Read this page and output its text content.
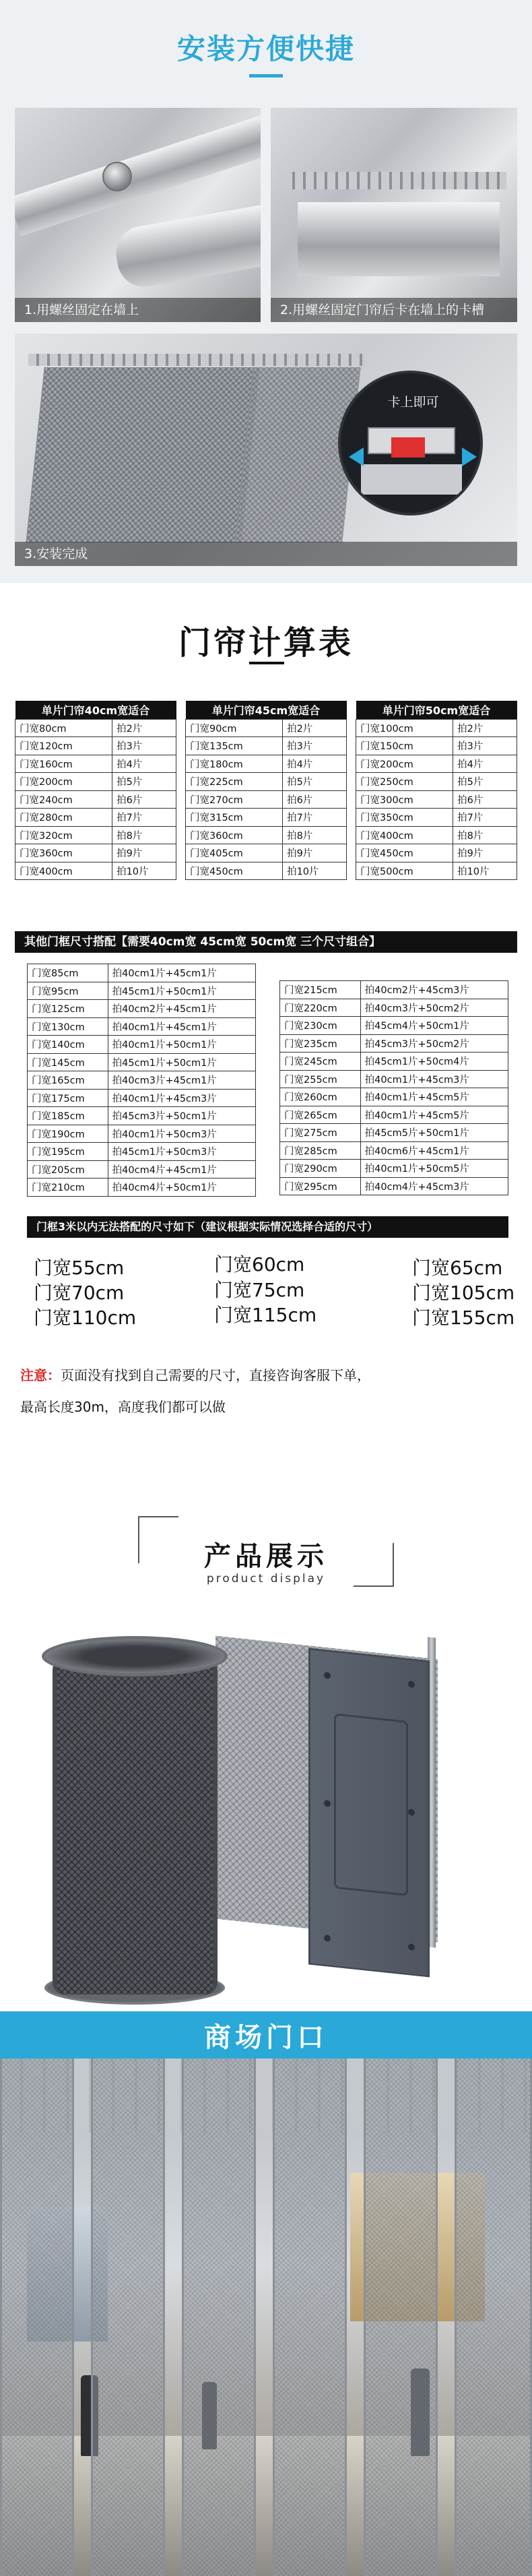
安装方便快捷
1.用螺丝固定在墙上	2.用螺丝固定门帘后卡在墙上的卡槽
卡上即可
3.安装完成
门帘计算表
单片门帘40cm宽适合	
门宽80cm	拍2片
门宽120cm	拍3片
门宽160cm	拍4片
门宽200cm	拍5片
门宽240cm	拍6片
门宽280cm	拍7片
门宽320cm	拍8片
门宽360cm	拍9片
门宽400cm	拍10片
单片门帘45cm宽适合	
门宽90cm	拍2片
门宽135cm	拍3片
门宽180cm	拍4片
门宽225cm	拍5片
门宽270cm	拍6片
门宽315cm	拍7片
门宽360cm	拍8片
门宽405cm	拍9片
门宽450cm	拍10片
单片门帘50cm宽适合	
门宽100cm	拍2片
门宽150cm	拍3片
门宽200cm	拍4片
门宽250cm	拍5片
门宽300cm	拍6片
门宽350cm	拍7片
门宽400cm	拍8片
门宽450cm	拍9片
门宽500cm	拍10片
其他门框尺寸搭配【需要40cm宽 45cm宽 50cm宽 三个尺寸组合】
门宽85cm	拍40cm1片+45cm1片
门宽95cm	拍45cm1片+50cm1片
门宽125cm	拍40cm2片+45cm1片
门宽130cm	拍40cm1片+45cm1片
门宽140cm	拍40cm1片+50cm1片
门宽145cm	拍45cm1片+50cm1片
门宽165cm	拍40cm3片+45cm1片
门宽175cm	拍40cm1片+45cm3片
门宽185cm	拍45cm3片+50cm1片
门宽190cm	拍40cm1片+50cm3片
门宽195cm	拍45cm1片+50cm3片
门宽205cm	拍40cm4片+45cm1片
门宽210cm	拍40cm4片+50cm1片
门宽215cm	拍40cm2片+45cm3片
门宽220cm	拍40cm3片+50cm2片
门宽230cm	拍45cm4片+50cm1片
门宽235cm	拍45cm3片+50cm2片
门宽245cm	拍45cm1片+50cm4片
门宽255cm	拍40cm1片+45cm3片
门宽260cm	拍40cm1片+45cm5片
门宽265cm	拍40cm1片+45cm5片
门宽275cm	拍45cm5片+50cm1片
门宽285cm	拍40cm6片+45cm1片
门宽290cm	拍40cm1片+50cm5片
门宽295cm	拍40cm4片+45cm3片
门框3米以内无法搭配的尺寸如下（建议根据实际情况选择合适的尺寸）
门宽55cm	门宽60cm	门宽65cm
门宽70cm	门宽75cm	门宽105cm
门宽110cm	门宽115cm	门宽155cm
注意：页面没有找到自己需要的尺寸，直接咨询客服下单，
最高长度30m，高度我们都可以做
产品展示
product display
商场门口
